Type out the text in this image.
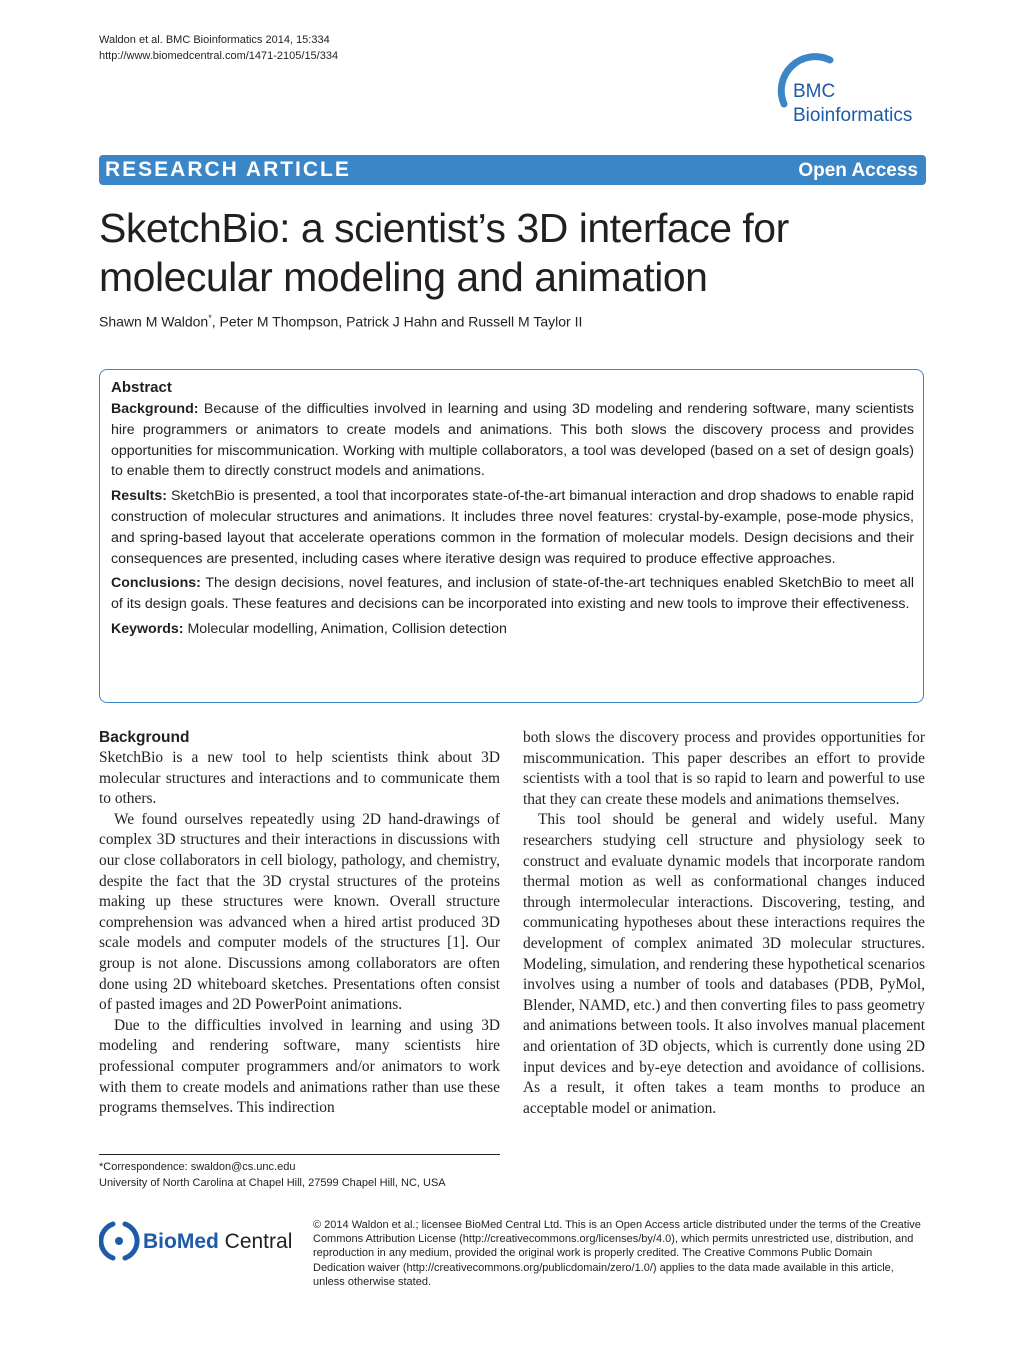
Waldon et al. BMC Bioinformatics 2014, 15:334
http://www.biomedcentral.com/1471-2105/15/334
BMC
Bioinformatics
RESEARCH ARTICLE	Open Access
SketchBio: a scientist’s 3D interface for molecular modeling and animation
Shawn M Waldon*, Peter M Thompson, Patrick J Hahn and Russell M Taylor II
Abstract

Background: Because of the difficulties involved in learning and using 3D modeling and rendering software, many scientists hire programmers or animators to create models and animations. This both slows the discovery process and provides opportunities for miscommunication. Working with multiple collaborators, a tool was developed (based on a set of design goals) to enable them to directly construct models and animations.

Results: SketchBio is presented, a tool that incorporates state-of-the-art bimanual interaction and drop shadows to enable rapid construction of molecular structures and animations. It includes three novel features: crystal-by-example, pose-mode physics, and spring-based layout that accelerate operations common in the formation of molecular models. Design decisions and their consequences are presented, including cases where iterative design was required to produce effective approaches.

Conclusions: The design decisions, novel features, and inclusion of state-of-the-art techniques enabled SketchBio to meet all of its design goals. These features and decisions can be incorporated into existing and new tools to improve their effectiveness.

Keywords: Molecular modelling, Animation, Collision detection

Background

SketchBio is a new tool to help scientists think about 3D molecular structures and interactions and to communicate them to others.

We found ourselves repeatedly using 2D hand-drawings of complex 3D structures and their interactions in discussions with our close collaborators in cell biology, pathology, and chemistry, despite the fact that the 3D crystal structures of the proteins making up these structures were known. Overall structure comprehension was advanced when a hired artist produced 3D scale models and computer models of the structures [1]. Our group is not alone. Discussions among collaborators are often done using 2D whiteboard sketches. Presentations often consist of pasted images and 2D PowerPoint animations.

Due to the difficulties involved in learning and using 3D modeling and rendering software, many scientists hire professional computer programmers and/or animators to work with them to create models and animations rather than use these programs themselves. This indirection

both slows the discovery process and provides opportunities for miscommunication. This paper describes an effort to provide scientists with a tool that is so rapid to learn and powerful to use that they can create these models and animations themselves.

This tool should be general and widely useful. Many researchers studying cell structure and physiology seek to construct and evaluate dynamic models that incorporate random thermal motion as well as conformational changes induced through intermolecular interactions. Discovering, testing, and communicating hypotheses about these interactions requires the development of complex animated 3D molecular structures. Modeling, simulation, and rendering these hypothetical scenarios involves using a number of tools and databases (PDB, PyMol, Blender, NAMD, etc.) and then converting files to pass geometry and animations between tools. It also involves manual placement and orientation of 3D objects, which is currently done using 2D input devices and by-eye detection and avoidance of collisions. As a result, it often takes a team months to produce an acceptable model or animation.

*Correspondence: swaldon@cs.unc.edu
University of North Carolina at Chapel Hill, 27599 Chapel Hill, NC, USA
BioMed Central
© 2014 Waldon et al.; licensee BioMed Central Ltd. This is an Open Access article distributed under the terms of the Creative Commons Attribution License (http://creativecommons.org/licenses/by/4.0), which permits unrestricted use, distribution, and reproduction in any medium, provided the original work is properly credited. The Creative Commons Public Domain Dedication waiver (http://creativecommons.org/publicdomain/zero/1.0/) applies to the data made available in this article, unless otherwise stated.
